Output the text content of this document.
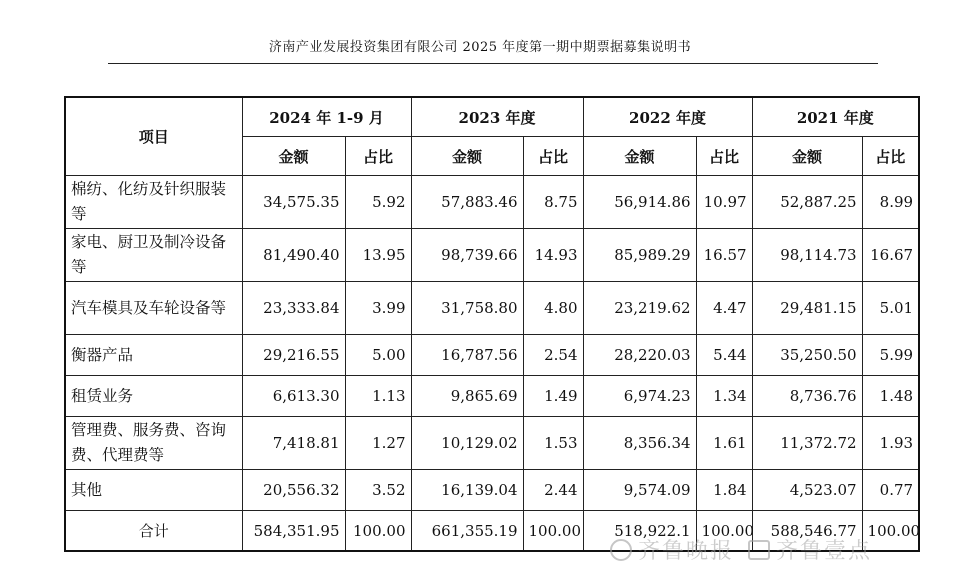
济南产业发展投资集团有限公司 2025 年度第一期中期票据募集说明书
项目	2024 年 1-9 月		2023 年度		2022 年度		2021 年度	
	金额	占比	金额	占比	金额	占比	金额	占比
棉纺、化纺及针织服装等	34,575.35	5.92	57,883.46	8.75	56,914.86	10.97	52,887.25	8.99
家电、厨卫及制冷设备等	81,490.40	13.95	98,739.66	14.93	85,989.29	16.57	98,114.73	16.67
汽车模具及车轮设备等	23,333.84	3.99	31,758.80	4.80	23,219.62	4.47	29,481.15	5.01
衡器产品	29,216.55	5.00	16,787.56	2.54	28,220.03	5.44	35,250.50	5.99
租赁业务	6,613.30	1.13	9,865.69	1.49	6,974.23	1.34	8,736.76	1.48
管理费、服务费、咨询费、代理费等	7,418.81	1.27	10,129.02	1.53	8,356.34	1.61	11,372.72	1.93
其他	20,556.32	3.52	16,139.04	2.44	9,574.09	1.84	4,523.07	0.77
合计	584,351.95	100.00	661,355.19	100.00	518,922.1	100.00	588,546.77	100.00
齐鲁晚报 齐鲁壹点
